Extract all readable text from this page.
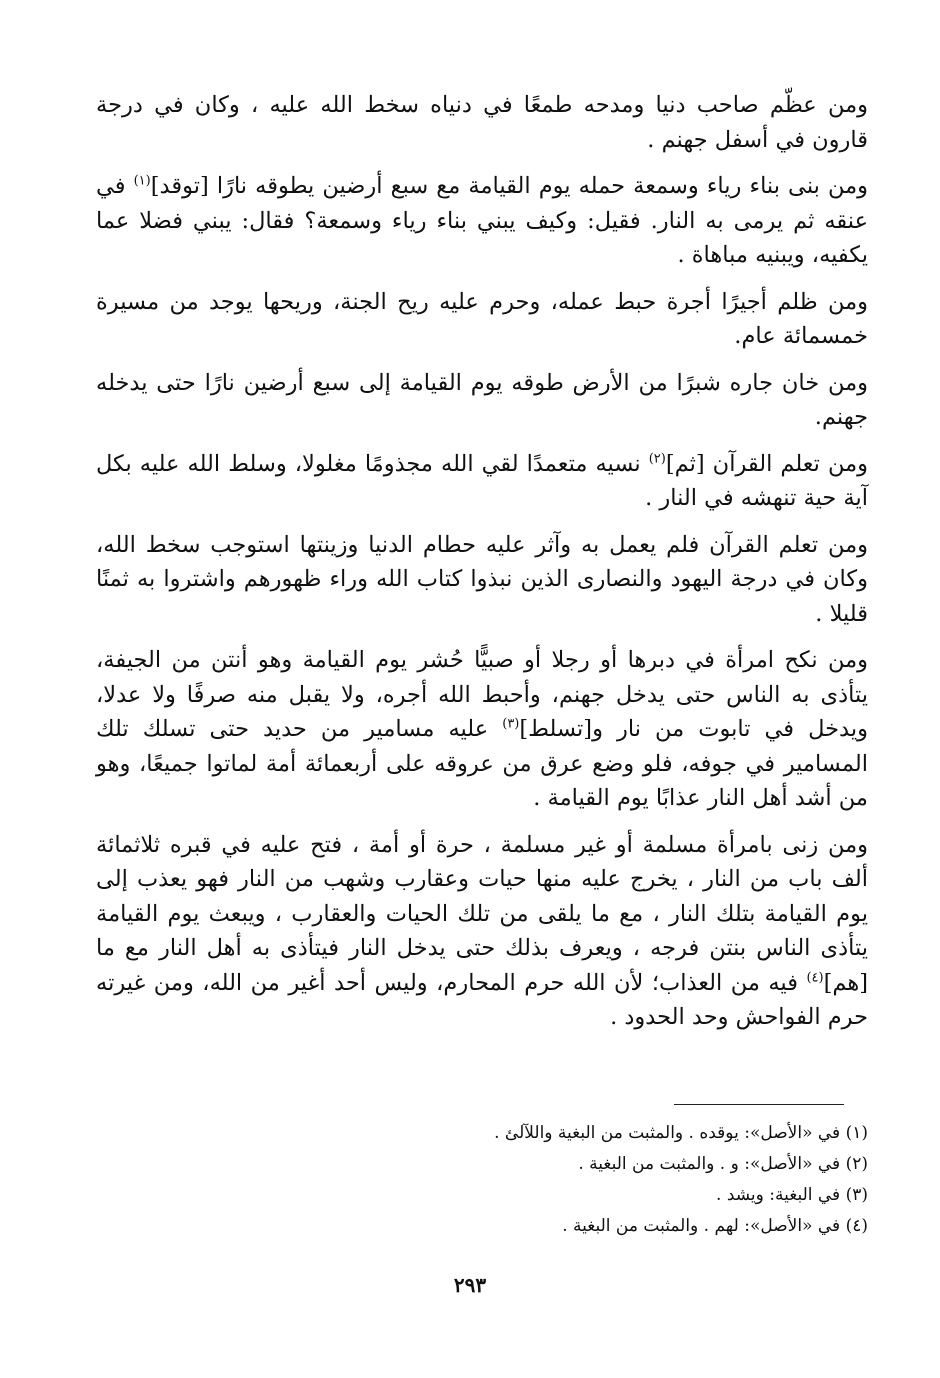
ومن عظّم صاحب دنيا ومدحه طمعًا في دنياه سخط الله عليه ، وكان في درجة قارون في أسفل جهنم .

ومن بنى بناء رياء وسمعة حمله يوم القيامة مع سبع أرضين يطوقه نارًا [توقد]$^{(١)}$ في عنقه ثم يرمى به النار. فقيل: وكيف يبني بناء رياء وسمعة؟ فقال: يبني فضلا عما يكفيه، ويبنيه مباهاة .

ومن ظلم أجيرًا أجرة حبط عمله، وحرم عليه ريح الجنة، وريحها يوجد من مسيرة خمسمائة عام.

ومن خان جاره شبرًا من الأرض طوقه يوم القيامة إلى سبع أرضين نارًا حتى يدخله جهنم.

ومن تعلم القرآن [ثم]$^{(٢)}$ نسيه متعمدًا لقي الله مجذومًا مغلولا، وسلط الله عليه بكل آية حية تنهشه في النار .

ومن تعلم القرآن فلم يعمل به وآثر عليه حطام الدنيا وزينتها استوجب سخط الله، وكان في درجة اليهود والنصارى الذين نبذوا كتاب الله وراء ظهورهم واشتروا به ثمنًا قليلا .

ومن نكح امرأة في دبرها أو رجلا أو صبيًّا حُشر يوم القيامة وهو أنتن من الجيفة، يتأذى به الناس حتى يدخل جهنم، وأحبط الله أجره، ولا يقبل منه صرفًا ولا عدلا، ويدخل في تابوت من نار و[تسلط]$^{(٣)}$ عليه مسامير من حديد حتى تسلك تلك المسامير في جوفه، فلو وضع عرق من عروقه على أربعمائة أمة لماتوا جميعًا، وهو من أشد أهل النار عذابًا يوم القيامة .

ومن زنى بامرأة مسلمة أو غير مسلمة ، حرة أو أمة ، فتح عليه في قبره ثلاثمائة ألف باب من النار ، يخرج عليه منها حيات وعقارب وشهب من النار فهو يعذب إلى يوم القيامة بتلك النار ، مع ما يلقى من تلك الحيات والعقارب ، ويبعث يوم القيامة يتأذى الناس بنتن فرجه ، ويعرف بذلك حتى يدخل النار فيتأذى به أهل النار مع ما [هم]$^{(٤)}$ فيه من العذاب؛ لأن الله حرم المحارم، وليس أحد أغير من الله، ومن غيرته حرم الفواحش وحد الحدود .

(١) في «الأصل»: يوقده . والمثبت من البغية واللآلئ .

(٢) في «الأصل»: و . والمثبت من البغية .

(٣) في البغية: ويشد .

(٤) في «الأصل»: لهم . والمثبت من البغية .

٢٩٣
